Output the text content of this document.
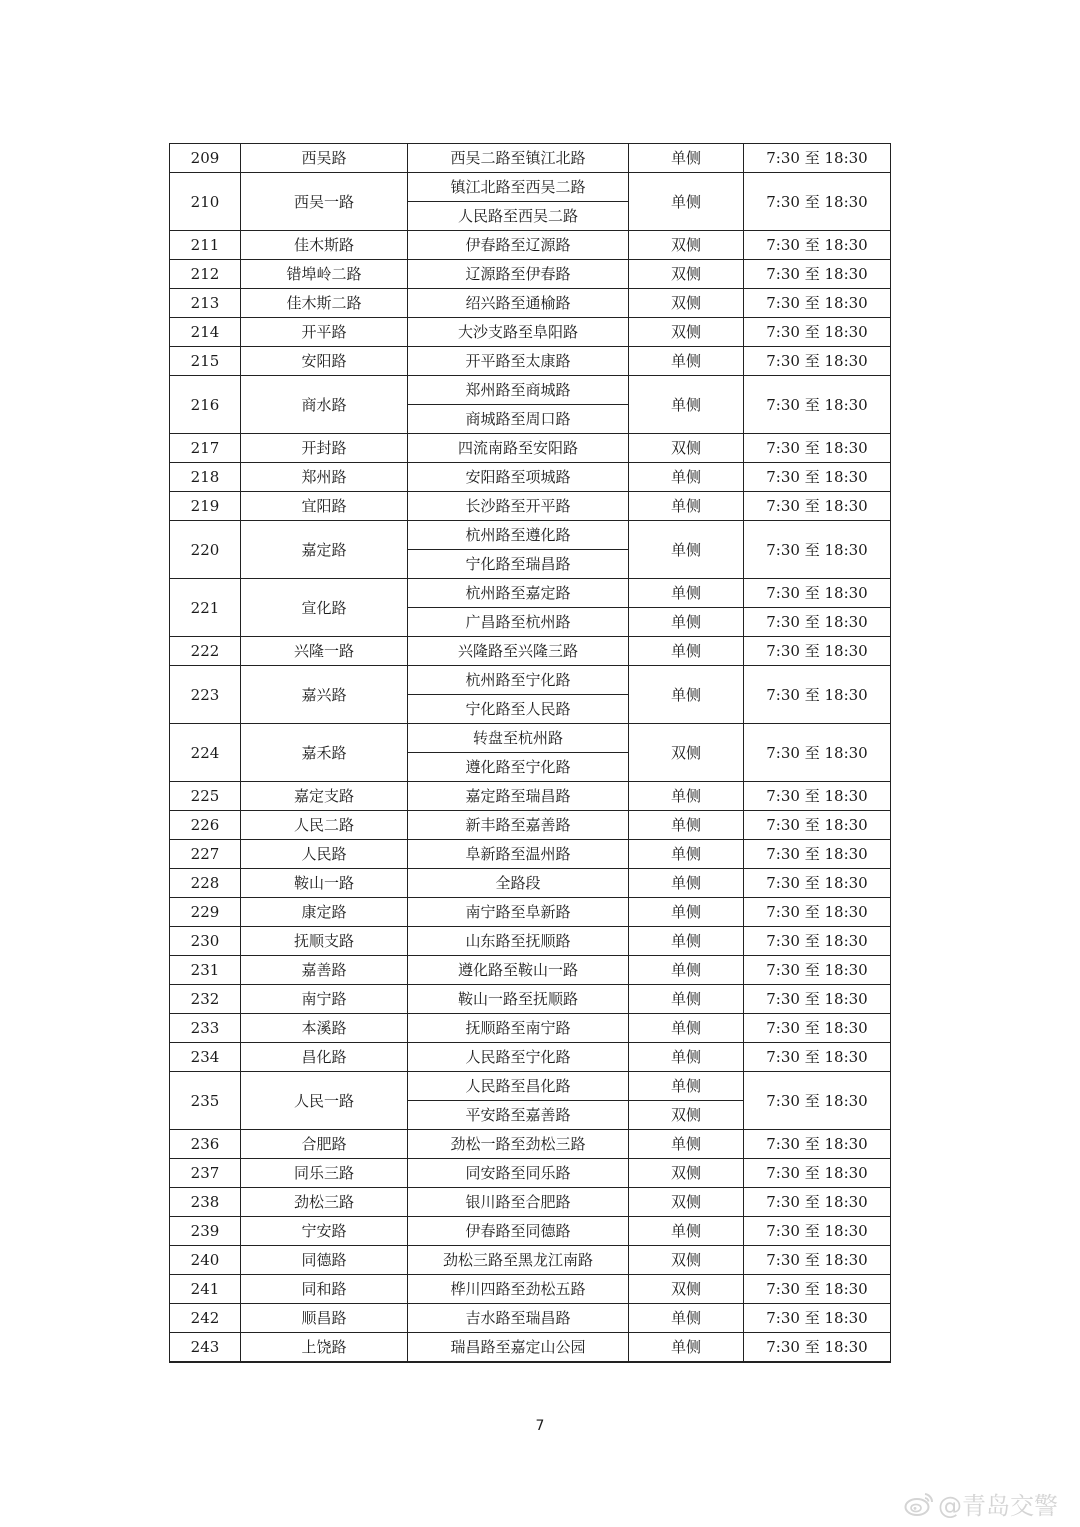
209	西吴路	西吴二路至镇江北路	单侧	7:30 至 18:30
210	西吴一路	镇江北路至西吴二路	单侧	7:30 至 18:30
		人民路至西吴二路		
211	佳木斯路	伊春路至辽源路	双侧	7:30 至 18:30
212	错埠岭二路	辽源路至伊春路	双侧	7:30 至 18:30
213	佳木斯二路	绍兴路至通榆路	双侧	7:30 至 18:30
214	开平路	大沙支路至阜阳路	双侧	7:30 至 18:30
215	安阳路	开平路至太康路	单侧	7:30 至 18:30
216	商水路	郑州路至商城路	单侧	7:30 至 18:30
		商城路至周口路		
217	开封路	四流南路至安阳路	双侧	7:30 至 18:30
218	郑州路	安阳路至项城路	单侧	7:30 至 18:30
219	宜阳路	长沙路至开平路	单侧	7:30 至 18:30
220	嘉定路	杭州路至遵化路	单侧	7:30 至 18:30
		宁化路至瑞昌路		
221	宣化路	杭州路至嘉定路	单侧	7:30 至 18:30
		广昌路至杭州路	单侧	7:30 至 18:30
222	兴隆一路	兴隆路至兴隆三路	单侧	7:30 至 18:30
223	嘉兴路	杭州路至宁化路	单侧	7:30 至 18:30
		宁化路至人民路		
224	嘉禾路	转盘至杭州路	双侧	7:30 至 18:30
		遵化路至宁化路		
225	嘉定支路	嘉定路至瑞昌路	单侧	7:30 至 18:30
226	人民二路	新丰路至嘉善路	单侧	7:30 至 18:30
227	人民路	阜新路至温州路	单侧	7:30 至 18:30
228	鞍山一路	全路段	单侧	7:30 至 18:30
229	康定路	南宁路至阜新路	单侧	7:30 至 18:30
230	抚顺支路	山东路至抚顺路	单侧	7:30 至 18:30
231	嘉善路	遵化路至鞍山一路	单侧	7:30 至 18:30
232	南宁路	鞍山一路至抚顺路	单侧	7:30 至 18:30
233	本溪路	抚顺路至南宁路	单侧	7:30 至 18:30
234	昌化路	人民路至宁化路	单侧	7:30 至 18:30
235	人民一路	人民路至昌化路	单侧	7:30 至 18:30
		平安路至嘉善路	双侧	
236	合肥路	劲松一路至劲松三路	单侧	7:30 至 18:30
237	同乐三路	同安路至同乐路	双侧	7:30 至 18:30
238	劲松三路	银川路至合肥路	双侧	7:30 至 18:30
239	宁安路	伊春路至同德路	单侧	7:30 至 18:30
240	同德路	劲松三路至黑龙江南路	双侧	7:30 至 18:30
241	同和路	桦川四路至劲松五路	双侧	7:30 至 18:30
242	顺昌路	吉水路至瑞昌路	单侧	7:30 至 18:30
243	上饶路	瑞昌路至嘉定山公园	单侧	7:30 至 18:30
7
@青岛交警
